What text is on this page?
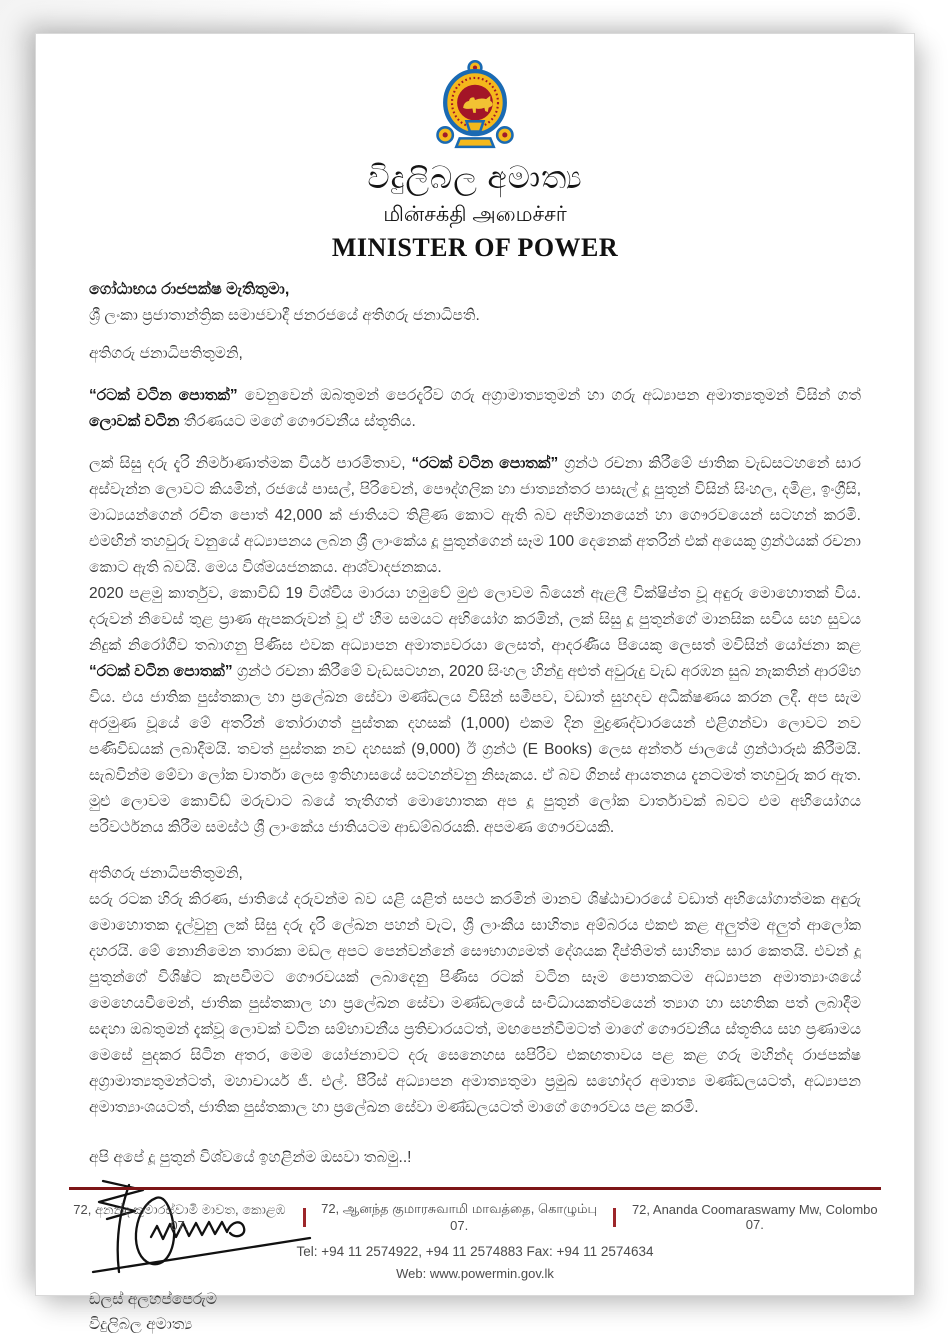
විදුලිබල අමාත්‍ය
மின்சக்தி அமைச்சர்
MINISTER OF POWER
ගෝඨාභය රාජපක්ෂ මැතිතුමා,
ශ්‍රී ලංකා ප්‍රජාතාන්ත්‍රික සමාජවාදී ජනරජයේ අතිගරු ජනාධිපති.
අතිගරු ජනාධිපතිතුමනි,

“රටක් වටින පොතක්” වෙනුවෙන් ඔබතුමන් පෙරදැරිව ගරු අග්‍රාමාත්‍යතුමන් හා ගරු අධ්‍යාපන අමාත්‍යතුමන් විසින් ගත් ලොවක් වටින තීරණයට මගේ ගෞරවනීය ස්තූතිය.

ලක් සිසු දරු දැරි නිර්මාණාත්මක වීර්ය පාරමිතාව, “රටක් වටින පොතක්” ග්‍රන්ථ රචනා කිරීමේ ජාතික වැඩසටහනේ සාර අස්වැන්න ලොවට කියමින්, රජයේ පාසල්, පිරිවෙන්, පෞද්ගලික හා ජාත්‍යන්තර පාසැල් දූ පුතුන් විසින් සිංහල, දමිළ, ඉංග්‍රීසි, මාධ්‍යයන්ගෙන් රචිත පොත් 42,000 ක් ජාතියට තිළිණ කොට ඇති බව අභිමානයෙන් හා ගෞරවයෙන් සටහන් කරමි. එමඟින් තහවුරු වනුයේ අධ්‍යාපනය ලබන ශ්‍රී ලාංකේය දූ පුතුන්ගෙන් සෑම 100 දෙනෙක් අතරින් එක් අයෙකු ග්‍රන්ථයක් රචනා කොට ඇති බවයි. මෙය විශ්මයජනකය. ආශ්වාදජනකය.

2020 පළමු කාර්තුව, කොවිඩ් 19 විශ්වීය මාරයා හමුවේ මුළු ලොවම බියෙන් ඇළලී වික්ෂිප්ත වූ අඳුරු මොහොතක් විය. දරුවන් නිවෙස් තුළ ප්‍රාණ ඇපකරුවන් වූ ඒ හීම සමයට අභියෝග කරමින්, ලක් සිසු දූ පුතුන්ගේ මානසික සවිය සහ සුවය නිදුක් නිරෝගීව තබාගනු පිණිස එවක අධ්‍යාපන අමාත්‍යවරයා ලෙසත්, ආදරණීය පියෙකු ලෙසත් මවිසින් යෝජනා කළ “රටක් වටින පොතක්” ග්‍රන්ථ රචනා කිරීමේ වැඩසටහන, 2020 සිංහල හින්දු අළුත් අවුරුදු වැඩ අරඹන සුබ නැකතින් ආරම්භ විය. එය ජාතික පුස්තකාල හා ප්‍රලේඛන සේවා මණ්ඩලය විසින් සමීපව, වඩාත් සුහදව අධීක්ෂණය කරන ලදී. අප සැම අරමුණ වූයේ මේ අතරින් තෝරාගත් පුස්තක දහසක් (1,000) එකම දින මුද්‍රණද්වාරයෙන් එළිගන්වා ලොවට නව පණිවිඩයක් ලබාදීමයි. තවත් පුස්තක නව දහසක් (9,000) ඊ ග්‍රන්ථ (E Books) ලෙස අන්තර් ජාලයේ ග්‍රන්ථාරූඪ කිරීමයි. සැබවින්ම මේවා ලෝක වාර්තා ලෙස ඉතිහාසයේ සටහන්වනු නිසැකය. ඒ බව ගිනස් ආයතනය දැනටමත් තහවුරු කර ඇත. මුළු ලොවම කොවිඩ් මරුවාට බයේ තැතිගත් මොහොතක අප දූ පුතුන් ලෝක වාර්තාවක් බවට එම අභියෝගය පරිවර්ථනය කිරීම සමස්ථ ශ්‍රී ලාංකේය ජාතියටම ආඩම්බරයකි. අපමණ ගෞරවයකි.

අතිගරු ජනාධිපතිතුමනි,

සරු රටක හිරු කිරණ, ජාතියේ දරුවන්ම බව යළි යළිත් සපථ කරමින් මානව ශිෂ්ඨාචාරයේ වඩාත් අභියෝගාත්මක අඳුරු මොහොතක දැල්වුනු ලක් සිසු දරු දැරි ලේඛන පහන් වැට, ශ්‍රී ලාංකීය සාහිත්‍ය අම්බරය එකළු කළ අලුත්ම අලුත් ආලෝක දහරයි. මේ නොනිමෙන තාරකා මඩල අපට පෙන්වන්නේ සෞභාග්‍යමත් දේශයක දීප්තිමත් සාහිත්‍ය සාර කෙතයි. එවන් දූ පුතුන්ගේ විශිෂ්ට කැපවීමට ගෞරවයක් ලබාදෙනු පිණිස රටක් වටින සෑම පොතකටම අධ්‍යාපන අමාත්‍යාංශයේ මෙහෙයවීමෙන්, ජාතික පුස්තකාල හා ප්‍රලේඛන සේවා මණ්ඩලයේ සංවිධායකත්වයෙන් ත්‍යාග හා සහතික පත් ලබාදීම සඳහා ඔබතුමන් දැක්වූ ලොවක් වටින සම්භාවනීය ප්‍රතිචාරයටත්, මඟපෙන්වීමටත් මාගේ ගෞරවනීය ස්තූතිය සහ ප්‍රණාමය මෙසේ පුදකර සිටින අතර, මෙම යෝජනාවට දරු සෙනෙහස සපිරිව එකඟතාවය පළ කළ ගරු මහින්ද රාජපක්ෂ අග්‍රාමාත්‍යතුමන්ටත්, මහාචාර්ය ජී. එල්. පීරිස් අධ්‍යාපන අමාත්‍යතුමා ප්‍රමුඛ සහෝදර අමාත්‍ය මණ්ඩලයටත්, අධ්‍යාපන අමාත්‍යාංශයටත්, ජාතික පුස්තකාල හා ප්‍රලේඛන සේවා මණ්ඩලයටත් මාගේ ගෞරවය පළ කරමි.

අපි අපේ දූ පුතුන් විශ්වයේ ඉහළින්ම ඔසවා තබමු..!

ඩලස් අලහප්පෙරුම
විදුලිබල අමාත්‍ය
72, අනන්ද කුමාරස්වාමි මාවත, කොළඹ 07.
72, ஆனந்த குமாரசுவாமி மாவத்தை, கொழும்பு 07.
72, Ananda Coomaraswamy Mw, Colombo 07.
Tel: +94 11 2574922, +94 11 2574883 Fax: +94 11 2574634
Web: www.powermin.gov.lk
